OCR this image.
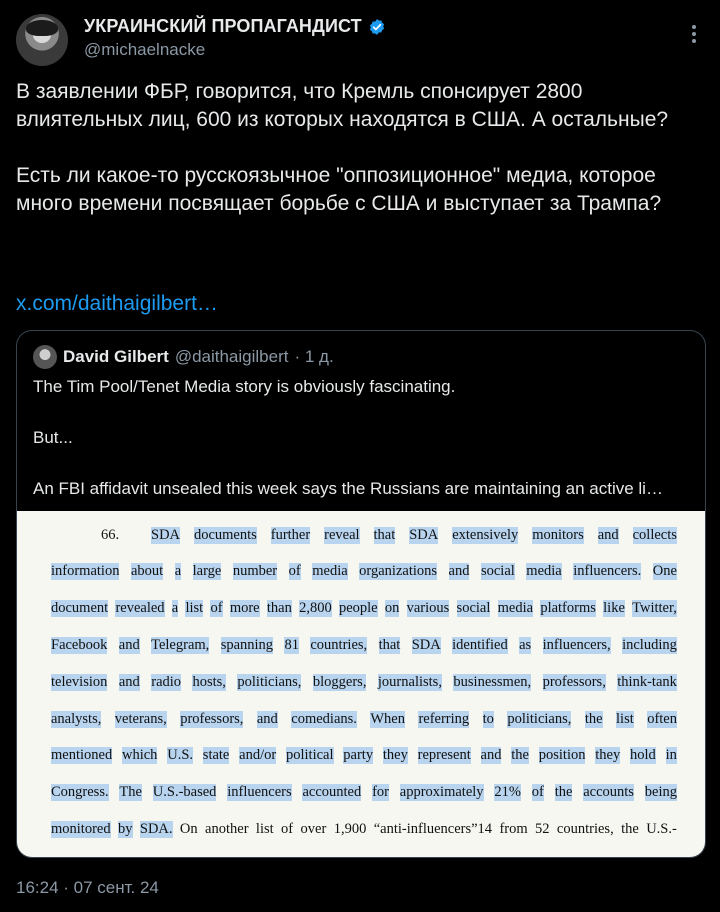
УКРАИНСКИЙ ПРОПАГАНДИСТ
@michaelnacke

В заявлении ФБР, говорится, что Кремль спонсирует 2800 влиятельных лиц, 600 из которых находятся в США. А остальные?

Есть ли какое-то русскоязычное "оппозиционное" медиа, которое много времени посвящает борьбе с США и выступает за Трампа?

x.com/daithaigilbert…
David Gilbert @daithaigilbert · 1 д.

The Tim Pool/Tenet Media story is obviously fascinating.

But...

An FBI affidavit unsealed this week says the Russians are maintaining an active li…

66. SDA documents further reveal that SDA extensively monitors and collects
information about a large number of media organizations and social media influencers. One
document revealed a list of more than 2,800 people on various social media platforms like Twitter,
Facebook and Telegram, spanning 81 countries, that SDA identified as influencers, including
television and radio hosts, politicians, bloggers, journalists, businessmen, professors, think-tank
analysts, veterans, professors, and comedians. When referring to politicians, the list often
mentioned which U.S. state and/or political party they represent and the position they hold in
Congress. The U.S.-based influencers accounted for approximately 21% of the accounts being
monitored by SDA. On another list of over 1,900 “anti-influencers”14 from 52 countries, the U.S.-
16:24 · 07 сент. 24
